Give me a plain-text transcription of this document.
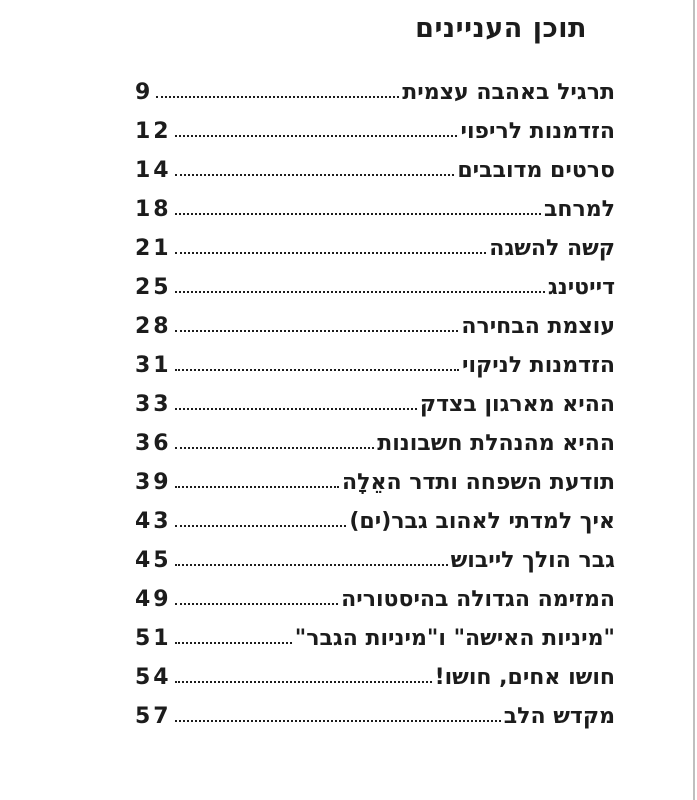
תוכן העניינים
תרגיל באהבה עצמית
9
הזדמנות לריפוי
12
סרטים מדובבים
14
למרחב
18
קשה להשגה
21
דייטינג
25
עוצמת הבחירה
28
הזדמנות לניקוי
31
ההיא מארגון בצדק
33
ההיא מהנהלת חשבונות
36
תודעת השפחה ותדר האֵלָה
39
איך למדתי לאהוב גבר(ים)
43
גבר הולך לייבוש
45
המזימה הגדולה בהיסטוריה
49
"מיניות האישה" ו"מיניות הגבר"
51
חושו אחים, חושו!
54
מקדש הלב
57
